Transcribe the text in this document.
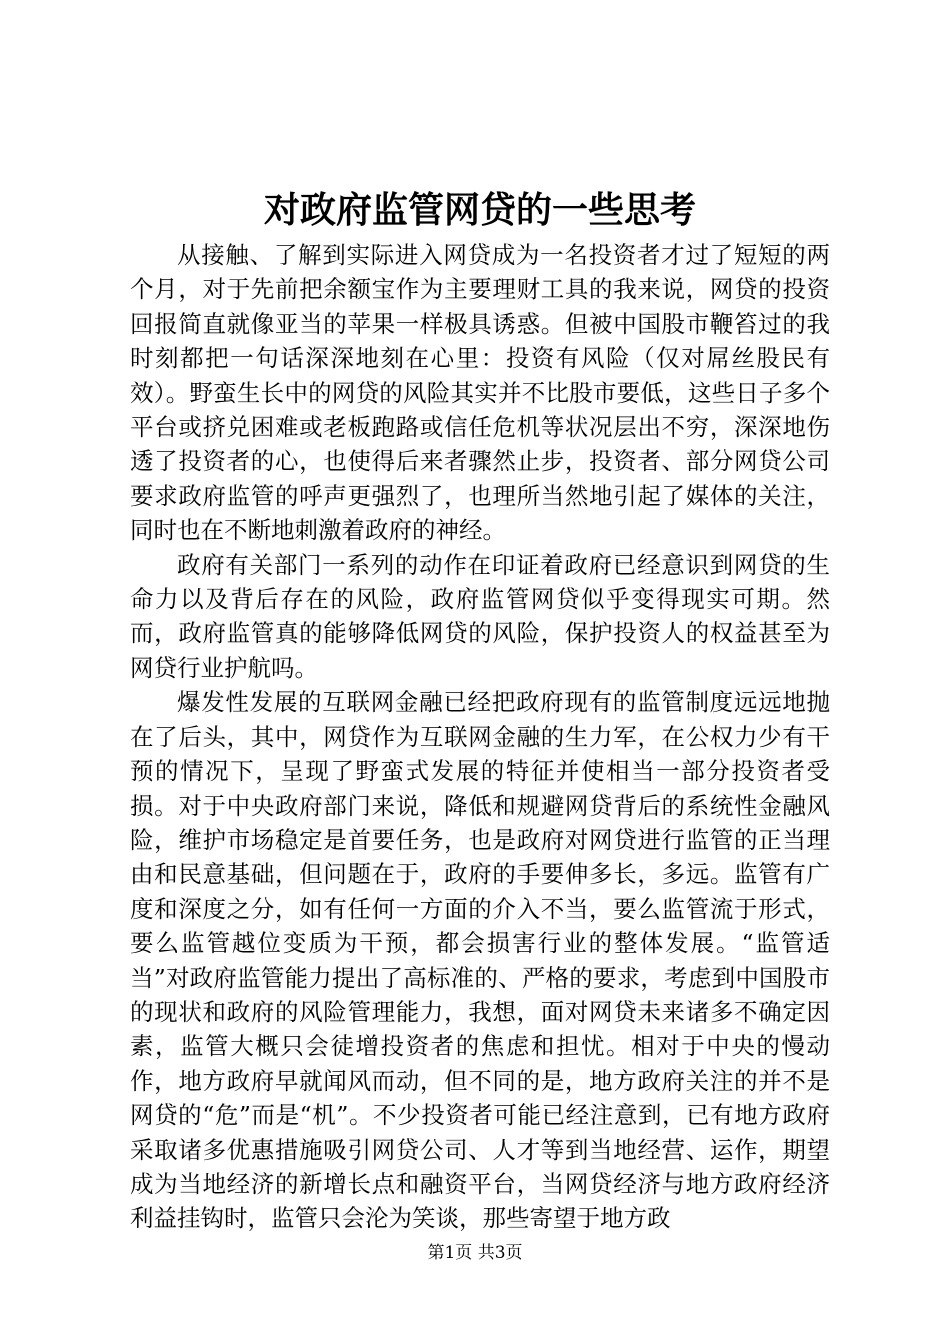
对政府监管网贷的一些思考

从接触、了解到实际进入网贷成为一名投资者才过了短短的两个月，对于先前把余额宝作为主要理财工具的我来说，网贷的投资回报简直就像亚当的苹果一样极具诱惑。但被中国股市鞭笞过的我时刻都把一句话深深地刻在心里：投资有风险（仅对屌丝股民有效）。野蛮生长中的网贷的风险其实并不比股市要低，这些日子多个平台或挤兑困难或老板跑路或信任危机等状况层出不穷，深深地伤透了投资者的心，也使得后来者骤然止步，投资者、部分网贷公司要求政府监管的呼声更强烈了，也理所当然地引起了媒体的关注，同时也在不断地刺激着政府的神经。

政府有关部门一系列的动作在印证着政府已经意识到网贷的生命力以及背后存在的风险，政府监管网贷似乎变得现实可期。然而，政府监管真的能够降低网贷的风险，保护投资人的权益甚至为网贷行业护航吗。

爆发性发展的互联网金融已经把政府现有的监管制度远远地抛在了后头，其中，网贷作为互联网金融的生力军，在公权力少有干预的情况下，呈现了野蛮式发展的特征并使相当一部分投资者受损。对于中央政府部门来说，降低和规避网贷背后的系统性金融风险，维护市场稳定是首要任务，也是政府对网贷进行监管的正当理由和民意基础，但问题在于，政府的手要伸多长，多远。监管有广度和深度之分，如有任何一方面的介入不当，要么监管流于形式，要么监管越位变质为干预，都会损害行业的整体发展。“监管适当”对政府监管能力提出了高标准的、严格的要求，考虑到中国股市的现状和政府的风险管理能力，我想，面对网贷未来诸多不确定因素，监管大概只会徒增投资者的焦虑和担忧。相对于中央的慢动作，地方政府早就闻风而动，但不同的是，地方政府关注的并不是网贷的“危”而是“机”。不少投资者可能已经注意到，已有地方政府采取诸多优惠措施吸引网贷公司、人才等到当地经营、运作，期望成为当地经济的新增长点和融资平台，当网贷经济与地方政府经济利益挂钩时，监管只会沦为笑谈，那些寄望于地方政

第1页 共3页
